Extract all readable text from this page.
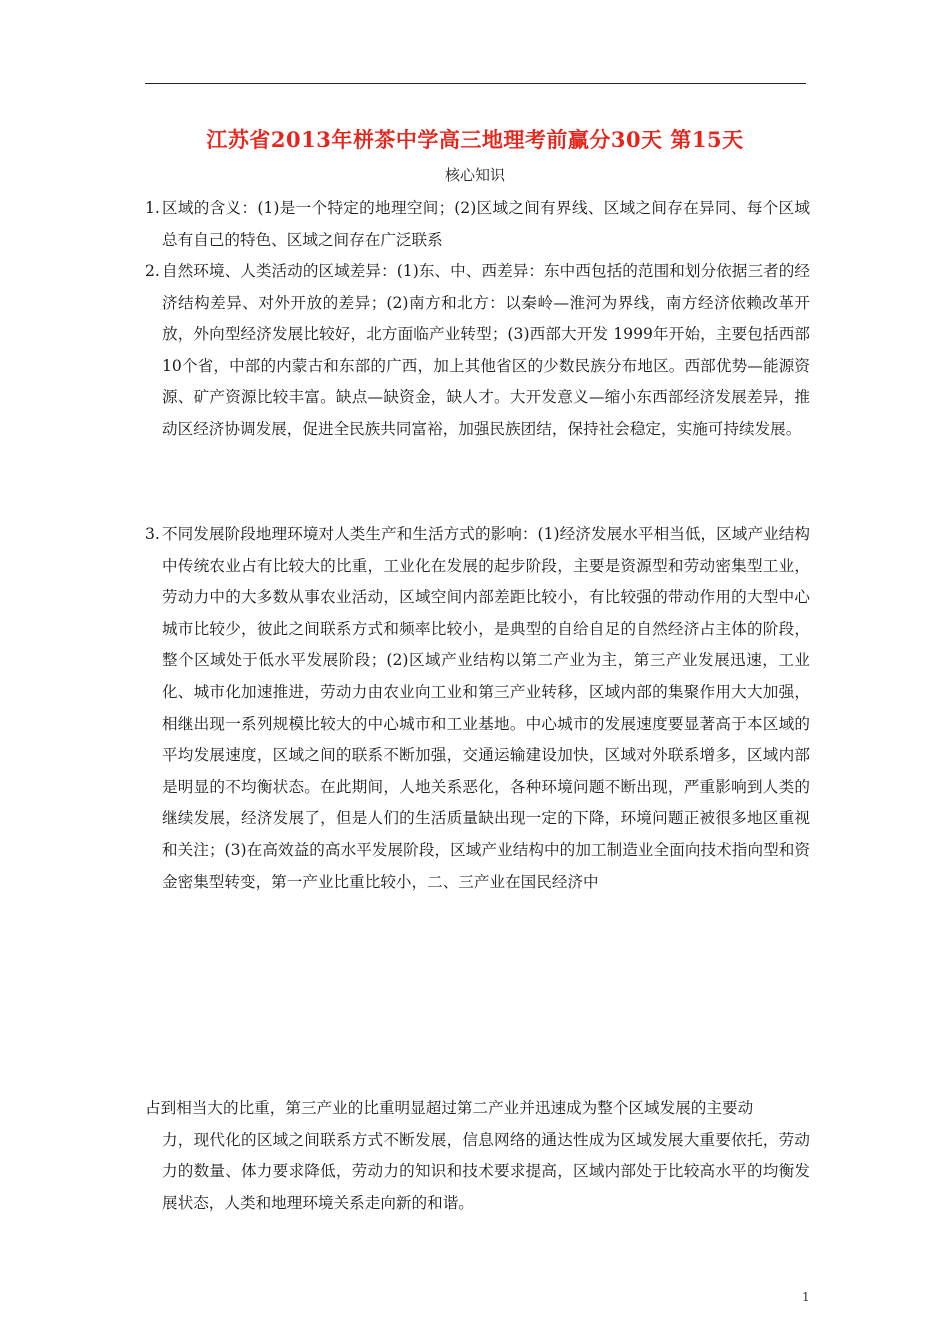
江苏省2013年栟茶中学高三地理考前赢分30天 第15天
核心知识
1. 区域的含义：(1)是一个特定的地理空间；(2)区域之间有界线、区域之间存在异同、每个区域总有自己的特色、区域之间存在广泛联系
2. 自然环境、人类活动的区域差异：(1)东、中、西差异：东中西包括的范围和划分依据三者的经济结构差异、对外开放的差异；(2)南方和北方：以秦岭—淮河为界线，南方经济依赖改革开放，外向型经济发展比较好，北方面临产业转型；(3)西部大开发 1999年开始，主要包括西部10个省，中部的内蒙古和东部的广西，加上其他省区的少数民族分布地区。西部优势—能源资源、矿产资源比较丰富。缺点—缺资金，缺人才。大开发意义—缩小东西部经济发展差异，推动区经济协调发展，促进全民族共同富裕，加强民族团结，保持社会稳定，实施可持续发展。
3. 不同发展阶段地理环境对人类生产和生活方式的影响：(1)经济发展水平相当低，区域产业结构中传统农业占有比较大的比重，工业化在发展的起步阶段，主要是资源型和劳动密集型工业，劳动力中的大多数从事农业活动，区域空间内部差距比较小，有比较强的带动作用的大型中心城市比较少，彼此之间联系方式和频率比较小，是典型的自给自足的自然经济占主体的阶段，整个区域处于低水平发展阶段；(2)区域产业结构以第二产业为主，第三产业发展迅速，工业化、城市化加速推进，劳动力由农业向工业和第三产业转移，区域内部的集聚作用大大加强，相继出现一系列规模比较大的中心城市和工业基地。中心城市的发展速度要显著高于本区域的平均发展速度，区域之间的联系不断加强，交通运输建设加快，区域对外联系增多，区域内部是明显的不均衡状态。在此期间，人地关系恶化，各种环境问题不断出现，严重影响到人类的继续发展，经济发展了，但是人们的生活质量缺出现一定的下降，环境问题正被很多地区重视和关注；(3)在高效益的高水平发展阶段，区域产业结构中的加工制造业全面向技术指向型和资金密集型转变，第一产业比重比较小，二、三产业在国民经济中
占到相当大的比重，第三产业的比重明显超过第二产业并迅速成为整个区域发展的主要动
力，现代化的区域之间联系方式不断发展，信息网络的通达性成为区域发展大重要依托，劳动力的数量、体力要求降低，劳动力的知识和技术要求提高，区域内部处于比较高水平的均衡发展状态，人类和地理环境关系走向新的和谐。
1
